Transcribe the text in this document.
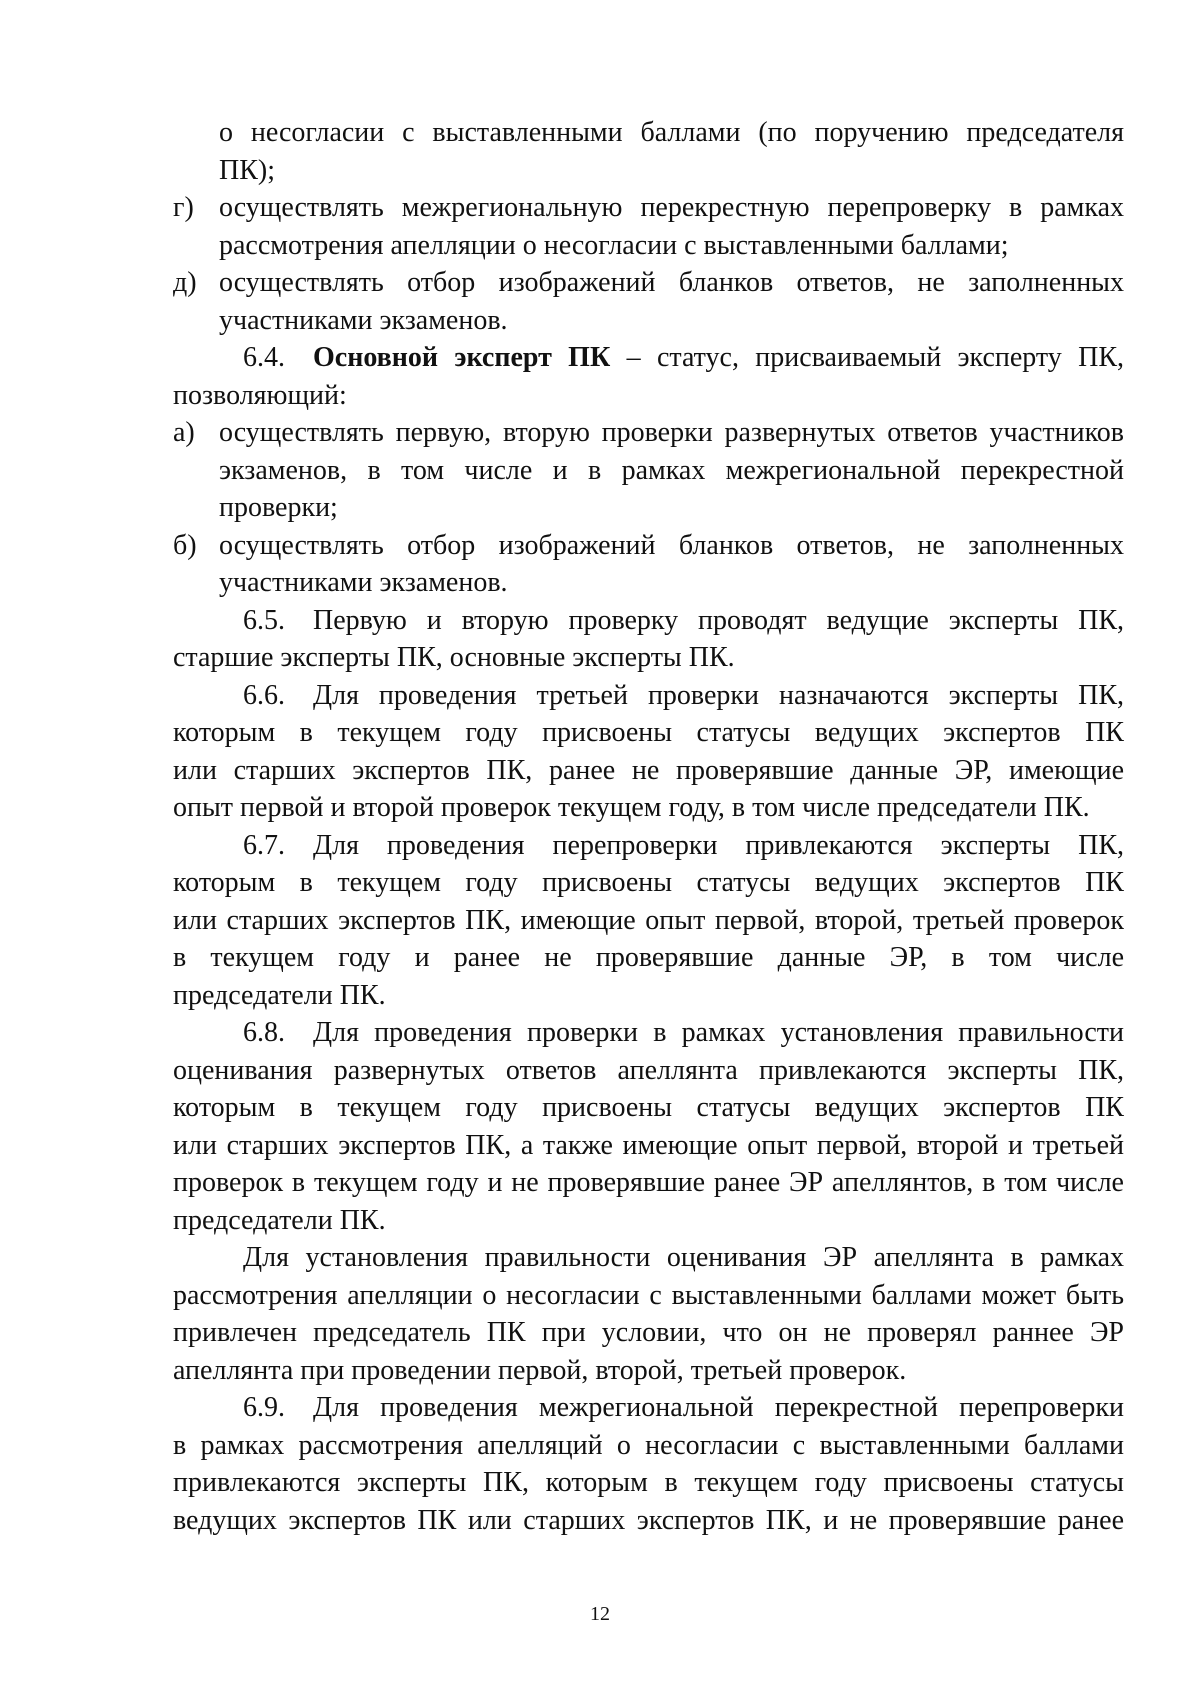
о несогласии с выставленными баллами (по поручению председателя
ПК);
г) осуществлять межрегиональную перекрестную перепроверку в рамках
рассмотрения апелляции о несогласии с выставленными баллами;
д) осуществлять отбор изображений бланков ответов, не заполненных
участниками экзаменов.
6.4. Основной эксперт ПК – статус, присваиваемый эксперту ПК,
позволяющий:
а) осуществлять первую, вторую проверки развернутых ответов участников
экзаменов, в том числе и в рамках межрегиональной перекрестной
проверки;
б) осуществлять отбор изображений бланков ответов, не заполненных
участниками экзаменов.
6.5. Первую и вторую проверку проводят ведущие эксперты ПК,
старшие эксперты ПК, основные эксперты ПК.
6.6. Для проведения третьей проверки назначаются эксперты ПК,
которым в текущем году присвоены статусы ведущих экспертов ПК
или старших экспертов ПК, ранее не проверявшие данные ЭР, имеющие
опыт первой и второй проверок текущем году, в том числе председатели ПК.
6.7. Для проведения перепроверки привлекаются эксперты ПК,
которым в текущем году присвоены статусы ведущих экспертов ПК
или старших экспертов ПК, имеющие опыт первой, второй, третьей проверок
в текущем году и ранее не проверявшие данные ЭР, в том числе
председатели ПК.
6.8. Для проведения проверки в рамках установления правильности
оценивания развернутых ответов апеллянта привлекаются эксперты ПК,
которым в текущем году присвоены статусы ведущих экспертов ПК
или старших экспертов ПК, а также имеющие опыт первой, второй и третьей
проверок в текущем году и не проверявшие ранее ЭР апеллянтов, в том числе
председатели ПК.
Для установления правильности оценивания ЭР апеллянта в рамках
рассмотрения апелляции о несогласии с выставленными баллами может быть
привлечен председатель ПК при условии, что он не проверял раннее ЭР
апеллянта при проведении первой, второй, третьей проверок.
6.9. Для проведения межрегиональной перекрестной перепроверки
в рамках рассмотрения апелляций о несогласии с выставленными баллами
привлекаются эксперты ПК, которым в текущем году присвоены статусы
ведущих экспертов ПК или старших экспертов ПК, и не проверявшие ранее
12
